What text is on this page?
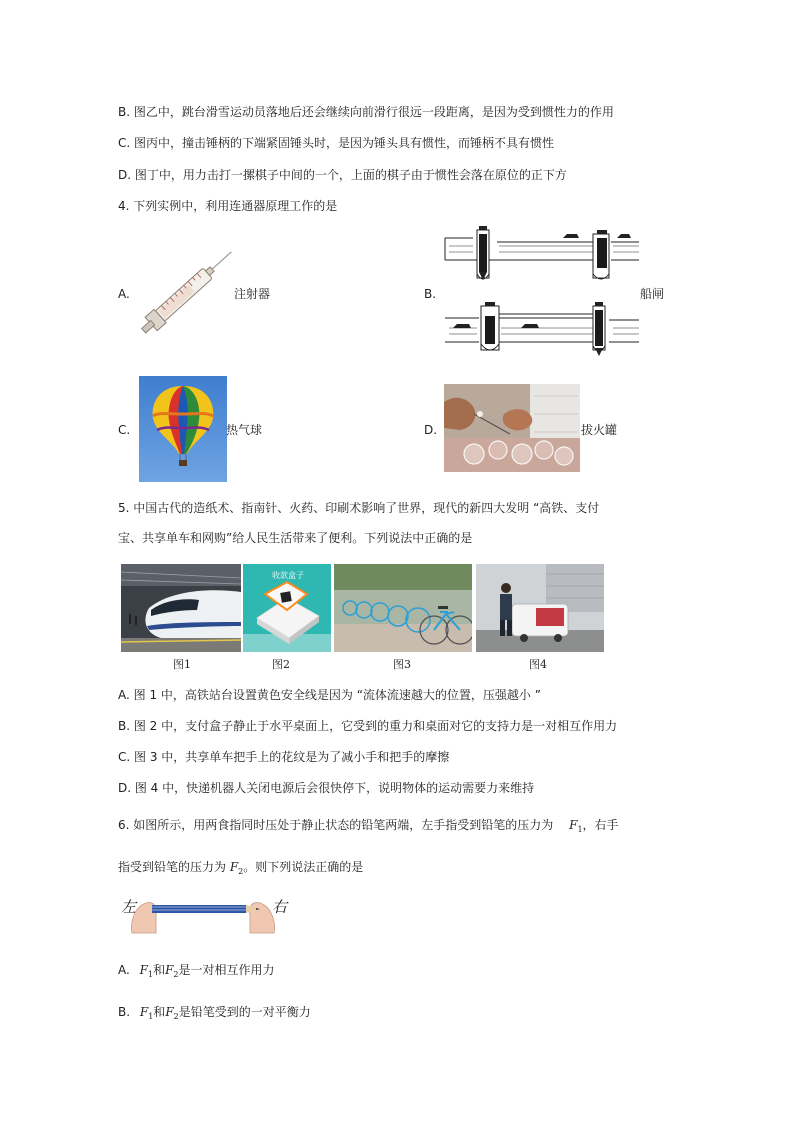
B. 图乙中，跳台滑雪运动员落地后还会继续向前滑行很远一段距离，是因为受到惯性力的作用
C. 图丙中，撞击锤柄的下端紧固锤头时，是因为锤头具有惯性，而锤柄不具有惯性
D. 图丁中，用力击打一摞棋子中间的一个，上面的棋子由于惯性会落在原位的正下方
4. 下列实例中，利用连通器原理工作的是
A.	注射器	B.	船闸
C.	热气球	D.	拔火罐
5. 中国古代的造纸术、指南针、火药、印刷术影响了世界，现代的新四大发明 “高铁、支付
宝、共享单车和网购”给人民生活带来了便利。下列说法中正确的是
图1
收款盒子
图2	图3	图4
A. 图 1 中，高铁站台设置黄色安全线是因为 “流体流速越大的位置，压强越小 ”
B. 图 2 中，支付盒子静止于水平桌面上，它受到的重力和桌面对它的支持力是一对相互作用力
C. 图 3 中，共享单车把手上的花纹是为了减小手和把手的摩擦
D. 图 4 中，快递机器人关闭电源后会很快停下，说明物体的运动需要力来维持
6. 如图所示，用两食指同时压处于静止状态的铅笔两端，左手指受到铅笔的压力为 $F_1$，右手
指受到铅笔的压力为 $F_2$。则下列说法正确的是
左	右
A. $F_1$和$F_2$是一对相互作用力
B. $F_1$和$F_2$是铅笔受到的一对平衡力
